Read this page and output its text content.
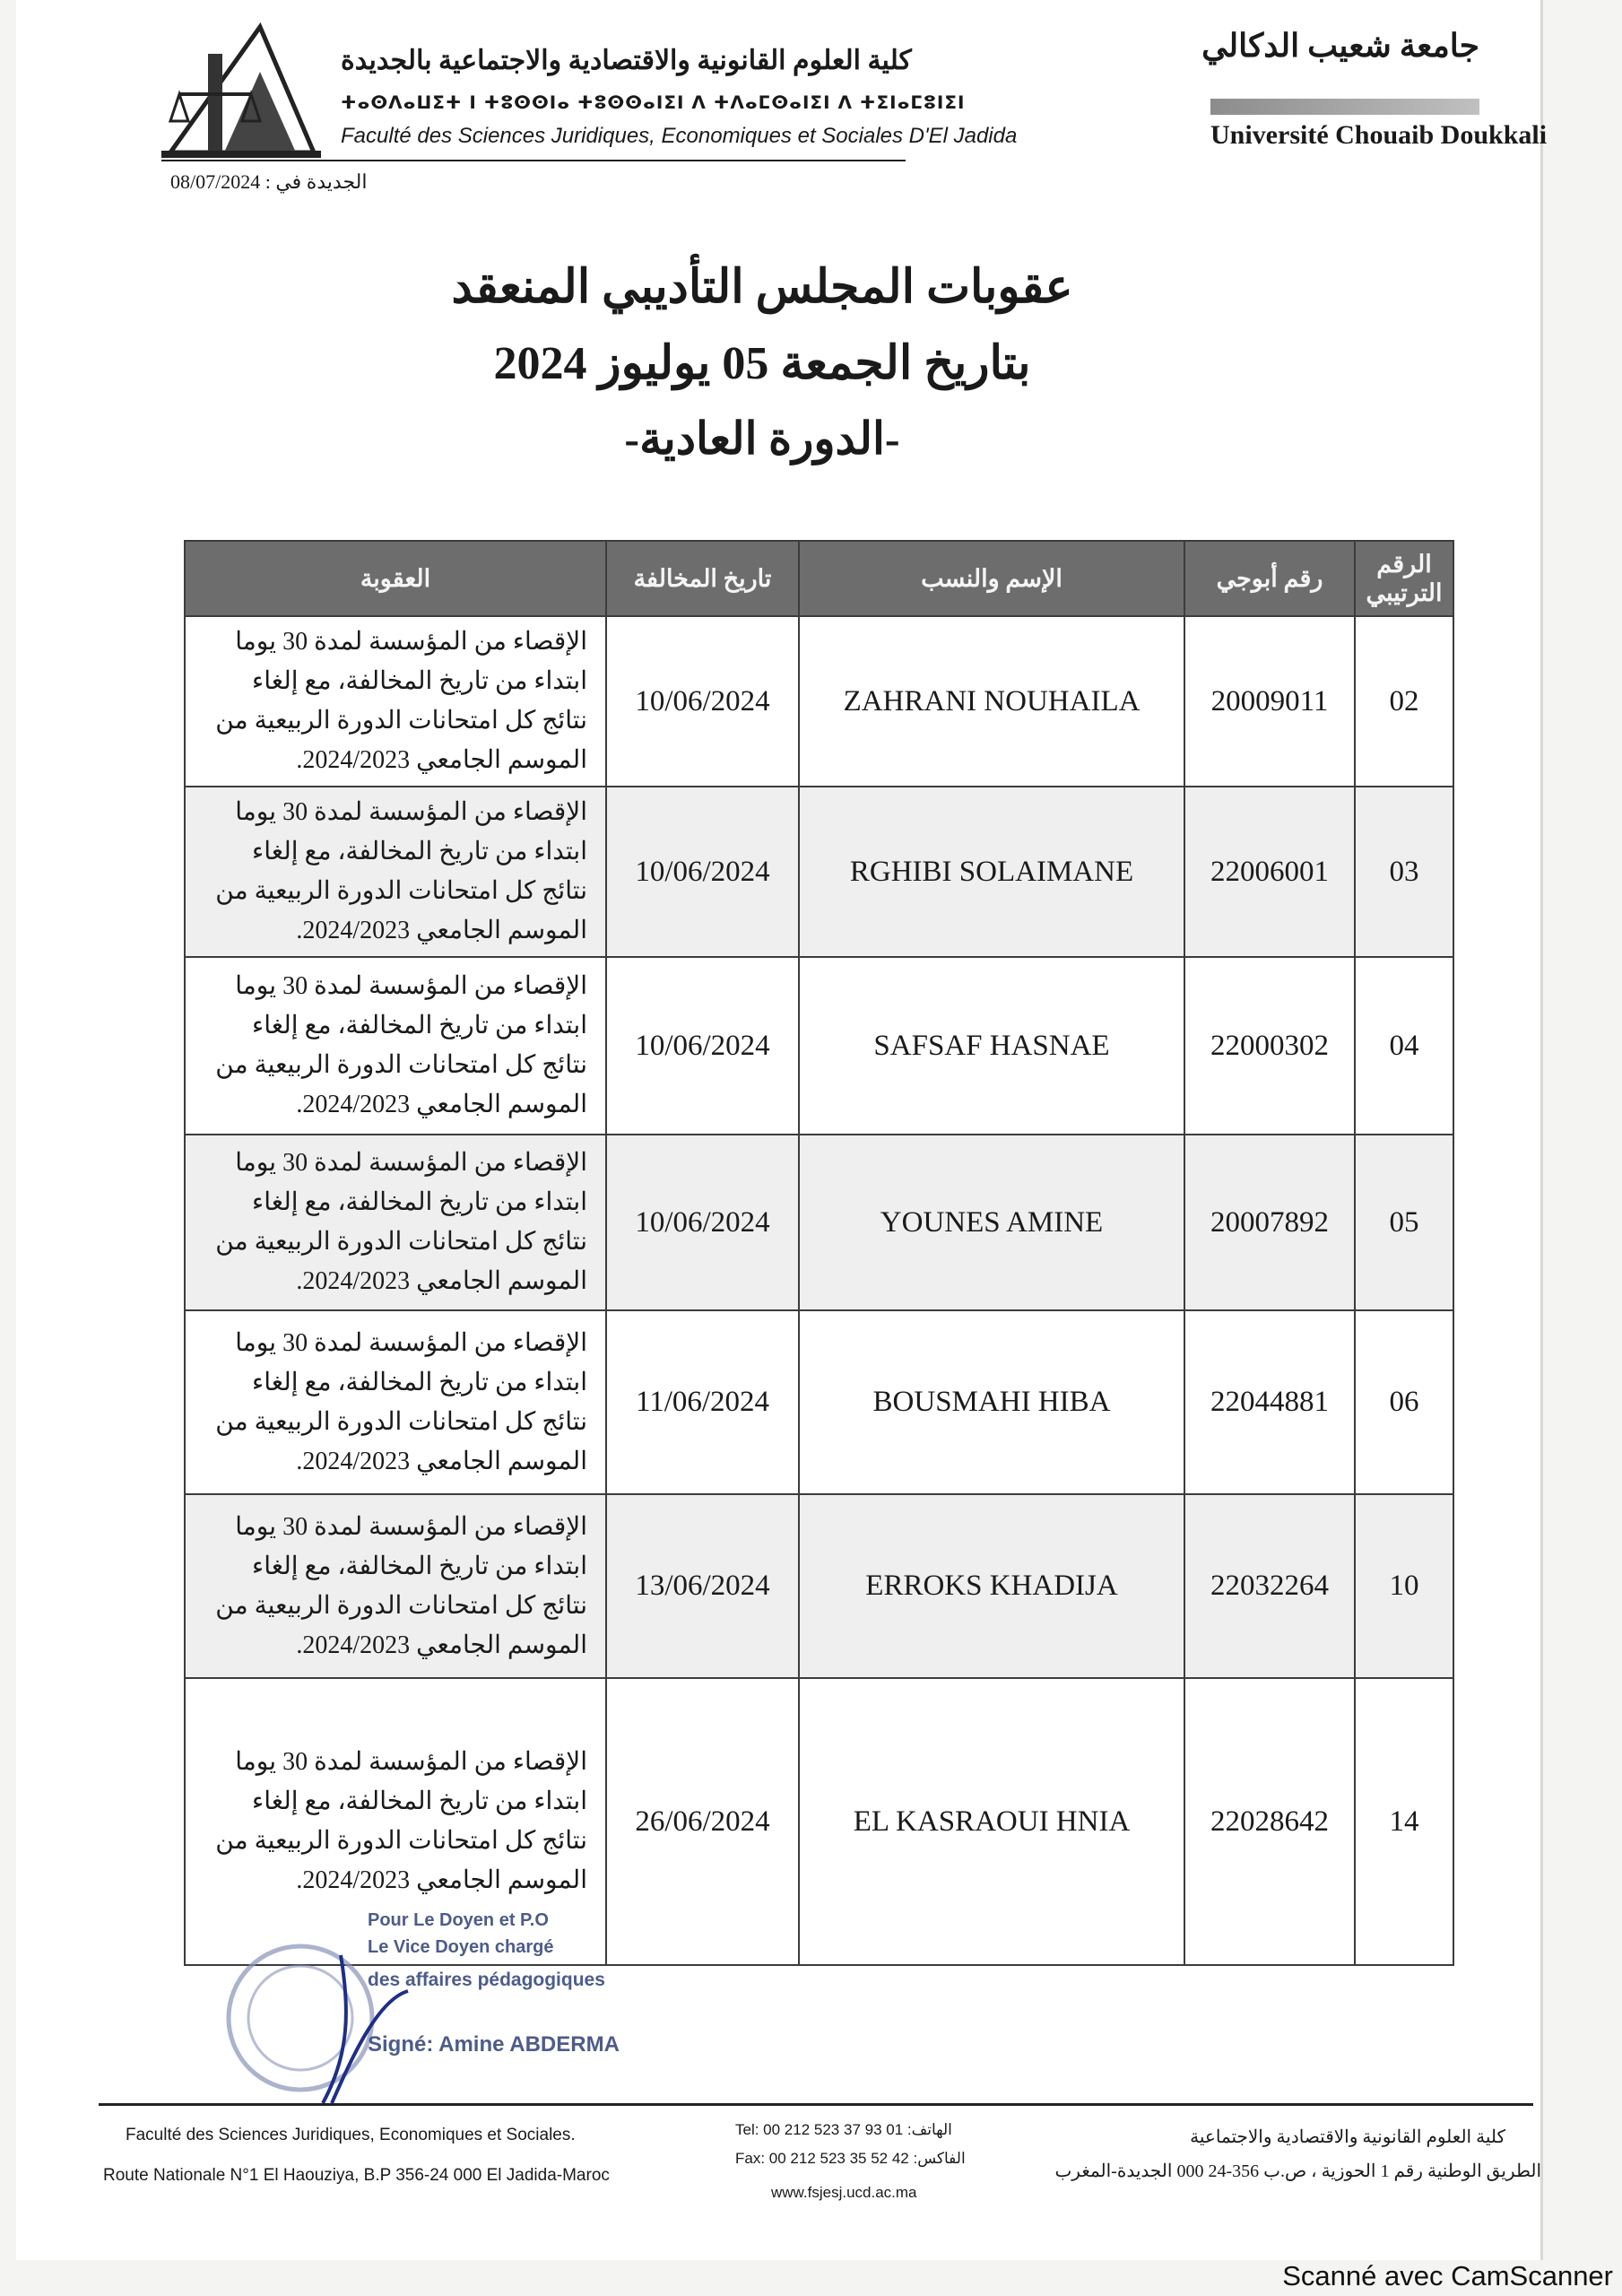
كلية العلوم القانونية والاقتصادية والاجتماعية بالجديدة
ⵜⴰⵙⴷⴰⵡⵉⵜ ⵏ ⵜⵓⵙⵙⵏⴰ ⵜⵓⵙⵙⴰⵏⵉⵏ ⴷ ⵜⴷⴰⵎⵙⴰⵏⵉⵏ ⴷ ⵜⵉⵏⴰⵎⵓⵏⵉⵏ
Faculté des Sciences Juridiques, Economiques et Sociales D'El Jadida
الجديدة في : 08/07/2024
جامعة شعيب الدكالي
Université Chouaib Doukkali
عقوبات المجلس التأديبي المنعقد
بتاريخ الجمعة 05 يوليوز 2024
-الدورة العادية-
الرقم الترتيبي	رقم أبوجي	الإسم والنسب	تاريخ المخالفة	العقوبة
02	20009011	ZAHRANI NOUHAILA	10/06/2024	الإقصاء من المؤسسة لمدة 30 يوما ابتداء من تاريخ المخالفة، مع إلغاء نتائج كل امتحانات الدورة الربيعية من الموسم الجامعي 2024/2023.
03	22006001	RGHIBI SOLAIMANE	10/06/2024	الإقصاء من المؤسسة لمدة 30 يوما ابتداء من تاريخ المخالفة، مع إلغاء نتائج كل امتحانات الدورة الربيعية من الموسم الجامعي 2024/2023.
04	22000302	SAFSAF HASNAE	10/06/2024	الإقصاء من المؤسسة لمدة 30 يوما ابتداء من تاريخ المخالفة، مع إلغاء نتائج كل امتحانات الدورة الربيعية من الموسم الجامعي 2024/2023.
05	20007892	YOUNES AMINE	10/06/2024	الإقصاء من المؤسسة لمدة 30 يوما ابتداء من تاريخ المخالفة، مع إلغاء نتائج كل امتحانات الدورة الربيعية من الموسم الجامعي 2024/2023.
06	22044881	BOUSMAHI HIBA	11/06/2024	الإقصاء من المؤسسة لمدة 30 يوما ابتداء من تاريخ المخالفة، مع إلغاء نتائج كل امتحانات الدورة الربيعية من الموسم الجامعي 2024/2023.
10	22032264	ERROKS KHADIJA	13/06/2024	الإقصاء من المؤسسة لمدة 30 يوما ابتداء من تاريخ المخالفة، مع إلغاء نتائج كل امتحانات الدورة الربيعية من الموسم الجامعي 2024/2023.
14	22028642	EL KASRAOUI HNIA	26/06/2024	الإقصاء من المؤسسة لمدة 30 يوما ابتداء من تاريخ المخالفة، مع إلغاء نتائج كل امتحانات الدورة الربيعية من الموسم الجامعي 2024/2023.
Pour Le Doyen et P.O
Le Vice Doyen chargé
des affaires pédagogiques
Signé: Amine ABDERMA
Faculté des Sciences Juridiques, Economiques et Sociales.
Route Nationale N°1 El Haouziya, B.P 356-24 000 El Jadida-Maroc
Tel: 00 212 523 37 93 01 :الهاتف
Fax: 00 212 523 35 52 42 :الفاكس
www.fsjesj.ucd.ac.ma
كلية العلوم القانونية والاقتصادية والاجتماعية
الطريق الوطنية رقم 1 الحوزية ، ص.ب 356-24 000 الجديدة-المغرب
Scanné avec CamScanner
